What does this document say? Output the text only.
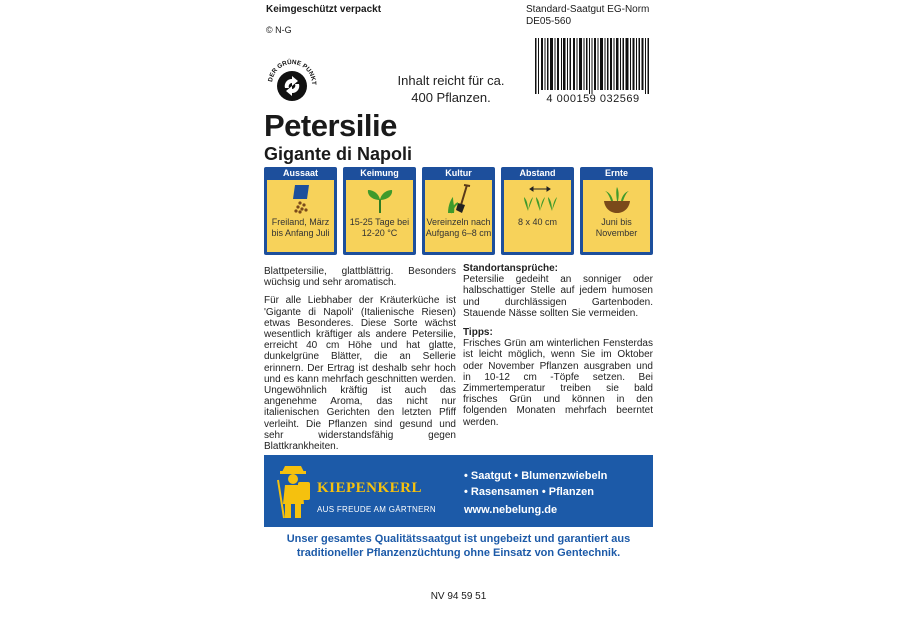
Keimgeschützt verpackt
© N-G
Standard-Saatgut EG-Norm
DE05-560
DER GRÜNE PUNKT	Inhalt reicht für ca. 400 Pflanzen.	4 000159 032569
Petersilie
Gigante di Napoli
Aussaat
Freiland, März bis Anfang Juli
Keimung
15-25 Tage bei 12-20 °C
Kultur
Vereinzeln nach Aufgang 6–8 cm
Abstand
8 x 40 cm
Ernte
Juni bis November

Blattpetersilie, glattblättrig. Besonders wüchsig und sehr aromatisch.

Für alle Liebhaber der Kräuterküche ist 'Gigante di Napoli' (Italienische Riesen) etwas Besonderes. Diese Sorte wächst wesentlich kräftiger als andere Petersilie, erreicht 40 cm Höhe und hat glatte, dunkelgrüne Blätter, die an Sellerie erinnern. Der Ertrag ist deshalb sehr hoch und es kann mehrfach geschnitten werden. Ungewöhnlich kräftig ist auch das angenehme Aroma, das nicht nur italienischen Gerichten den letzten Pfiff verleiht. Die Pflanzen sind gesund und sehr widerstandsfähig gegen Blattkrankheiten.

Standortansprüche:

Petersilie gedeiht an sonniger oder halbschattiger Stelle auf jedem humosen und durchlässigen Gartenboden. Stauende Nässe sollten Sie vermeiden.

Tipps:

Frisches Grün am winterlichen Fensterdas ist leicht möglich, wenn Sie im Oktober oder November Pflanzen ausgraben und in 10-12 cm -Töpfe setzen. Bei Zimmertemperatur treiben sie bald frisches Grün und können in den folgenden Monaten mehrfach beerntet werden.

KIEPENKERL
AUS FREUDE AM GÄRTNERN
• Saatgut • Blumenzwiebeln
• Rasensamen • Pflanzen
www.nebelung.de
Unser gesamtes Qualitätssaatgut ist ungebeizt und garantiert aus
traditioneller Pflanzenzüchtung ohne Einsatz von Gentechnik.
NV 94 59 51
